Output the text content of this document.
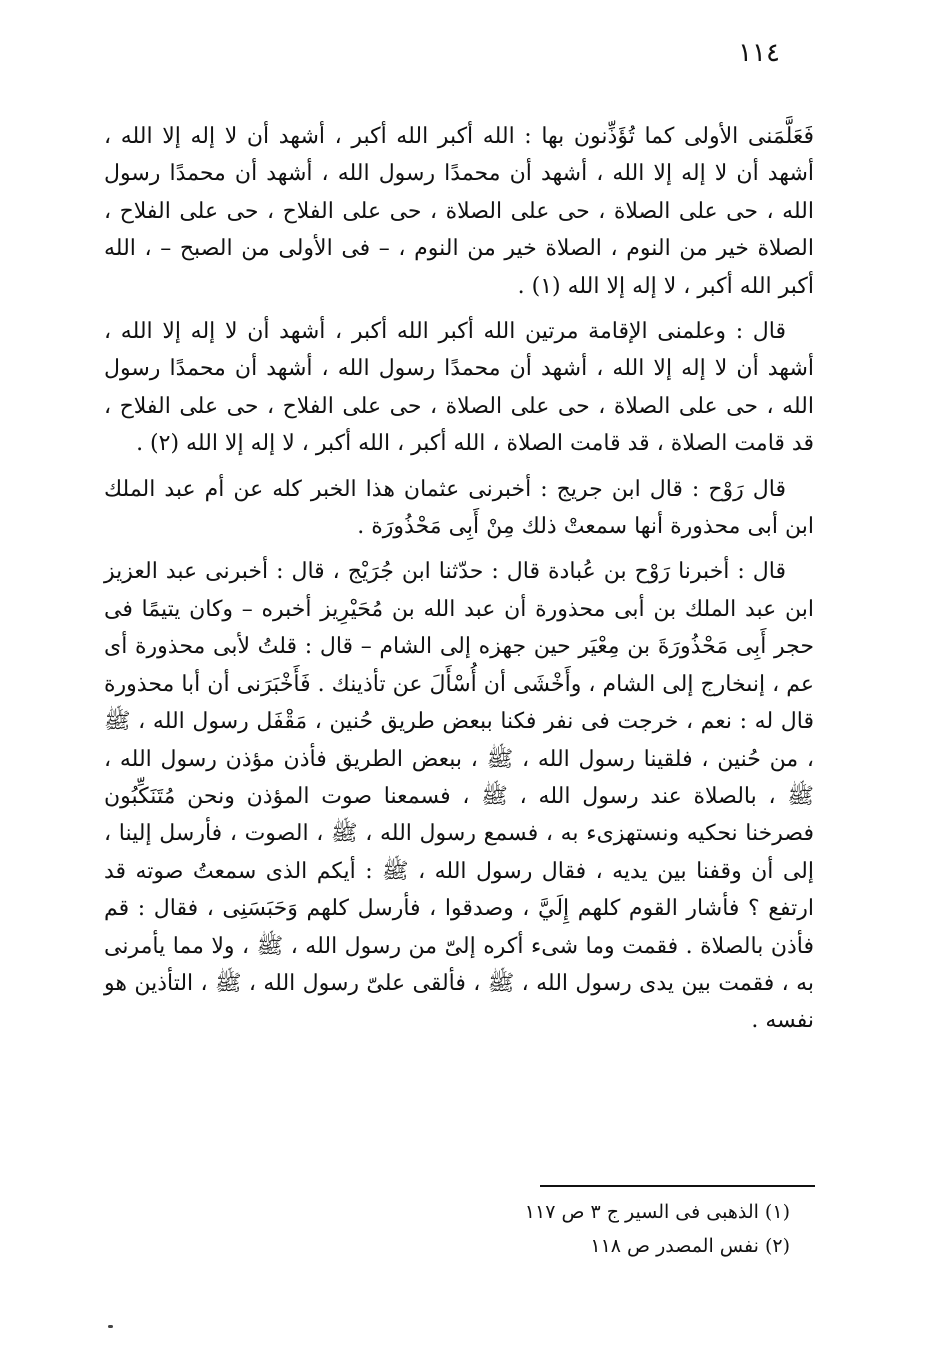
١١٤

فَعَلَّمَنى الأولى كما تُؤَذِّنون بها : الله أكبر الله أكبر ، أشهد أن لا إله إلا الله ، أشهد أن لا إله إلا الله ، أشهد أن محمدًا رسول الله ، أشهد أن محمدًا رسول الله ، حى على الصلاة ، حى على الصلاة ، حى على الفلاح ، حى على الفلاح ، الصلاة خير من النوم ، الصلاة خير من النوم ، – فى الأولى من الصبح – ، الله أكبر الله أكبر ، لا إله إلا الله (١) .

قال : وعلمنى الإقامة مرتين الله أكبر الله أكبر ، أشهد أن لا إله إلا الله ، أشهد أن لا إله إلا الله ، أشهد أن محمدًا رسول الله ، أشهد أن محمدًا رسول الله ، حى على الصلاة ، حى على الصلاة ، حى على الفلاح ، حى على الفلاح ، قد قامت الصلاة ، قد قامت الصلاة ، الله أكبر ، الله أكبر ، لا إله إلا الله (٢) .

قال رَوْح : قال ابن جريج : أخبرنى عثمان هذا الخبر كله عن أم عبد الملك ابن أبى محذورة أنها سمعتْ ذلك مِنْ أَبِى مَحْذُورَة .

قال : أخبرنا رَوْح بن عُبادة قال : حدّثنا ابن جُرَيْج ، قال : أخبرنى عبد العزيز ابن عبد الملك بن أبى محذورة أن عبد الله بن مُحَيْرِيز أخبره – وكان يتيمًا فى حجر أَبِى مَحْذُورَةَ بن مِعْيَر حين جهزه إلى الشام – قال : قلتُ لأبى محذورة أى عم ، إنىخارج إلى الشام ، وأَخْشَى أن أُسْأَلَ عن تأذينك . فَأَخْبَرَنى أن أبا محذورة قال له : نعم ، خرجت فى نفر فكنا ببعض طريق حُنين ، مَقْفَل رسول الله ، ﷺ ، من حُنين ، فلقينا رسول الله ، ﷺ ، ببعض الطريق فأذن مؤذن رسول الله ، ﷺ ، بالصلاة عند رسول الله ، ﷺ ، فسمعنا صوت المؤذن ونحن مُتَنَكِّبُون فصرخنا نحكيه ونستهزىء به ، فسمع رسول الله ، ﷺ ، الصوت ، فأرسل إلينا ، إلى أن وقفنا بين يديه ، فقال رسول الله ، ﷺ : أيكم الذى سمعتُ صوته قد ارتفع ؟ فأشار القوم كلهم إِلَيَّ ، وصدقوا ، فأرسل كلهم وَحَبَسَنِى ، فقال : قم فأذن بالصلاة . فقمت وما شىء أكره إلىّ من رسول الله ، ﷺ ، ولا مما يأمرنى به ، فقمت بين يدى رسول الله ، ﷺ ، فألقى علىّ رسول الله ، ﷺ ، التأذين هو نفسه .

(١) الذهبى فى السير ج ٣ ص ١١٧
(٢) نفس المصدر ص ١١٨
